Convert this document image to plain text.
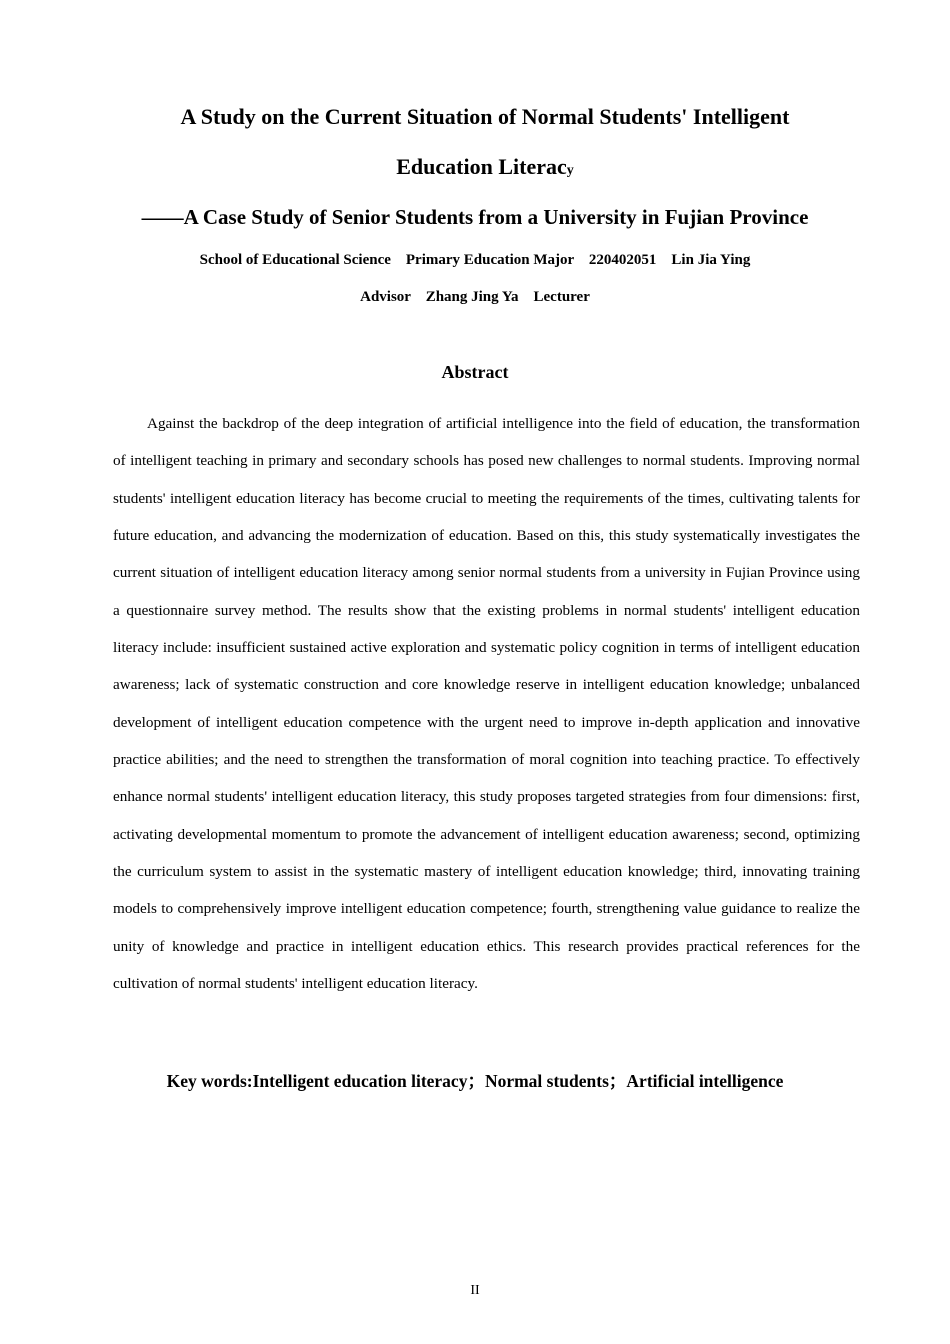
A Study on the Current Situation of Normal Students' Intelligent
Education Literacy
——A Case Study of Senior Students from a University in Fujian Province
School of Educational Science    Primary Education Major    220402051    Lin Jia Ying
Advisor    Zhang Jing Ya    Lecturer
Abstract

Against the backdrop of the deep integration of artificial intelligence into the field of education, the transformation of intelligent teaching in primary and secondary schools has posed new challenges to normal students. Improving normal students' intelligent education literacy has become crucial to meeting the requirements of the times, cultivating talents for future education, and advancing the modernization of education. Based on this, this study systematically investigates the current situation of intelligent education literacy among senior normal students from a university in Fujian Province using a questionnaire survey method. The results show that the existing problems in normal students' intelligent education literacy include: insufficient sustained active exploration and systematic policy cognition in terms of intelligent education awareness; lack of systematic construction and core knowledge reserve in intelligent education knowledge; unbalanced development of intelligent education competence with the urgent need to improve in-depth application and innovative practice abilities; and the need to strengthen the transformation of moral cognition into teaching practice. To effectively enhance normal students' intelligent education literacy, this study proposes targeted strategies from four dimensions: first, activating developmental momentum to promote the advancement of intelligent education awareness; second, optimizing the curriculum system to assist in the systematic mastery of intelligent education knowledge; third, innovating training models to comprehensively improve intelligent education competence; fourth, strengthening value guidance to realize the unity of knowledge and practice in intelligent education ethics. This research provides practical references for the cultivation of normal students' intelligent education literacy.

Key words:Intelligent education literacy；Normal students；Artificial intelligence
II
